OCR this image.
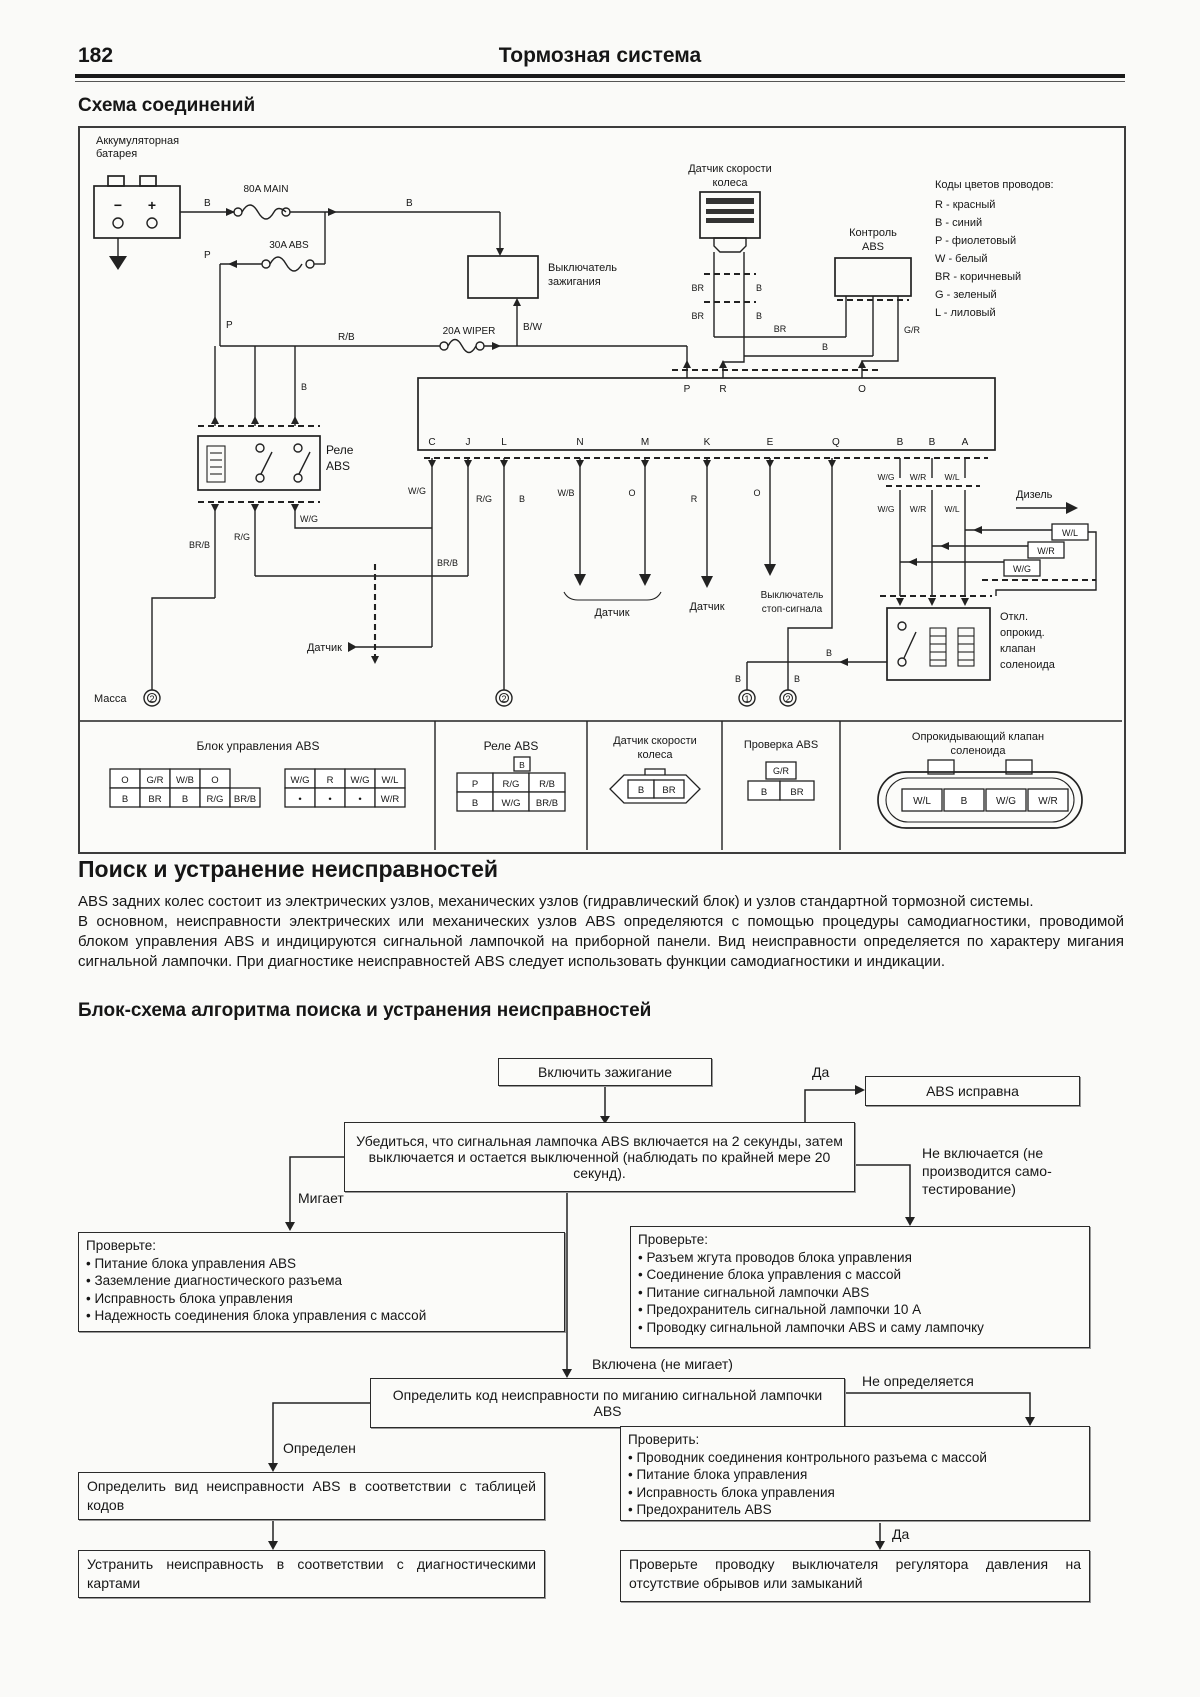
182	Тормозная система
Схема соединений
Аккумуляторная
батарея
− +	B
80A MAIN
B
30A ABS
P
P
R/B
20A WIPER	B/W
Выключатель
зажигания
Датчик скорости
колеса
BR	B
BR	B
BR
Контроль
ABS
B
G/R
Коды цветов проводов:
R - красный
B - синий
P - фиолетовый
W - белый
BR - коричневый
G - зеленый
L - лиловый
B
Реле
ABS
BR/B
R/G
W/G
BR/B
P	R	O
C	J	L	N	M	K	E	Q	B	B	A
W/G
Датчик
R/G	B
W/B	O
Датчик
R
Датчик
O
Выключатель
стоп-сигнала
W/G W/R W/L
W/G W/R W/L
Дизель
W/L
W/R
W/G
Откл.
опрокид.
клапан
соленоида
B
B	B
Масса	2	2	1	2
Блок управления ABS
O G/R W/B O
B BR B R/G BR/B
W/G R W/G W/L
•	•	• W/R
Реле ABS
B
P	R/G R/B
B W/G BR/B
Датчик скорости
колеса
B BR
Проверка ABS
G/R
B BR
Опрокидывающий клапан
соленоида
W/L	B	W/G W/R
Поиск и устранение неисправностей
ABS задних колес состоит из электрических узлов, механических узлов (гидравлический блок) и узлов стандартной тормозной системы.
В основном, неисправности электрических или механических узлов ABS определяются с помощью процедуры самодиагностики, проводимой блоком управления ABS и индицируются сигнальной лампочкой на приборной панели. Вид неисправности определяется по характеру мигания сигнальной лампочки. При диагностике неисправностей ABS следует использовать функции самодиагностики и индикации.
Блок-схема алгоритма поиска и устранения неисправностей
Включить зажигание	Да
ABS исправна
Убедиться, что сигнальная лампочка ABS включается на 2 секунды, затем выключается и остается выключенной (наблюдать по крайней мере 20 секунд).
Мигает
Не включается (не производится само-тестирование)
Проверьте:
• Питание блока управления ABS
• Заземление диагностического разъема
• Исправность блока управления
• Надежность соединения блока управления с массой
Проверьте:
• Разъем жгута проводов блока управления
• Соединение блока управления с массой
• Питание сигнальной лампочки ABS
• Предохранитель сигнальной лампочки 10 А
• Проводку сигнальной лампочки ABS и саму лампочку
Включена (не мигает)
Определить код неисправности по миганию сигнальной лампочки ABS
Не определяется
Определен
Проверить:
• Проводник соединения контрольного разъема с массой
• Питание блока управления
• Исправность блока управления
• Предохранитель ABS
Определить вид неисправности ABS в соответствии с таблицей кодов
Да
Устранить неисправность в соответствии с диагностическими картами
Проверьте проводку выключателя регулятора давления на отсутствие обрывов или замыканий
